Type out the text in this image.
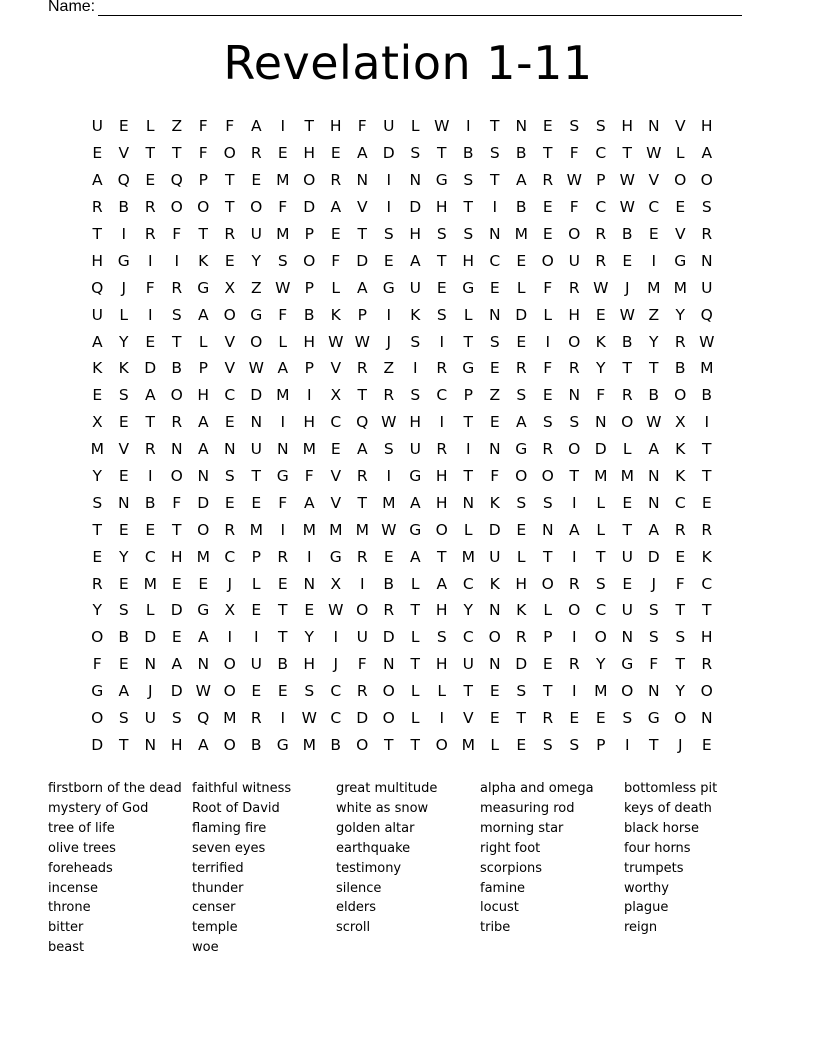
Name:
Revelation 1-11
U	E	L	Z	F	F	A	I	T	H	F	U	L W	I	T	N	E	S	S	H N V H
E	V	T	T	F	O R	E	H	E	A D	S	T	B	S	B	T	F	C	T W L	A
A Q	E	Q	P	T	E M O R N	I	N G	S	T	A	R W P W V O O
R	B	R O O	T	O	F	D A	V	I	D H	T	I	B	E	F	C W C	E	S
T	I	R	F	T	R U M P	E	T	S	H	S	S	N M E	O R	B	E	V	R
H G	I	I	K	E	Y	S O	F	D	E	A	T	H C	E	O U R	E	I	G N
Q	J	F	R G X	Z W P	L	A G U	E	G	E	L	F	R W	J	M M U
U	L	I	S	A O G	F	B	K	P	I	K	S	L	N D	L	H	E W Z	Y	Q
A	Y	E	T	L	V O	L	H W W	J	S	I	T	S	E	I	O K	B	Y	R W
K	K D B	P	V W A	P	V	R	Z	I	R G	E	R	F	R	Y	T	T	B M
E	S	A O H C D M	I	X	T	R	S	C	P	Z	S	E	N	F	R	B O B
X	E	T	R	A	E	N	I	H C Q W H	I	T	E	A	S	S	N O W X	I
M V	R N A N U N M E	A	S	U R	I	N G R O D	L	A	K	T
Y	E	I	O N	S	T	G	F	V	R	I	G H	T	F	O O	T M M N	K	T
S	N B	F	D	E	E	F	A	V	T M A H N	K	S	S	I	L	E	N C	E
T	E	E	T	O R M	I	M M M W G O	L	D	E	N A	L	T	A	R	R
E	Y	C H M C	P	R	I	G R	E	A	T M U	L	T	I	T	U D	E	K
R	E M E	E	J	L	E	N X	I	B	L	A	C	K	H O R	S	E	J	F	C
Y	S	L	D G X	E	T	E W O R	T	H	Y	N	K	L	O C U	S	T	T
O B D	E	A	I	I	T	Y	I	U D	L	S	C O R	P	I	O N	S	S	H
F	E	N A N O U	B H	J	F	N	T	H U N D	E	R	Y	G	F	T	R
G A	J	D W O	E	E	S	C	R O	L	L	T	E	S	T	I	M O N	Y	O
O S	U	S Q M R	I	W C D O	L	I	V	E	T	R	E	E	S	G O N
D	T	N H A O B G M B O	T	T	O M L	E	S	S	P	I	T	J	E
firstborn of the dead
mystery of God
tree of life
olive trees
foreheads
incense
throne
bitter
beast
faithful witness
Root of David
flaming fire
seven eyes
terrified
thunder
censer
temple
woe
great multitude
white as snow
golden altar
earthquake
testimony
silence
elders
scroll
alpha and omega
measuring rod
morning star
right foot
scorpions
famine
locust
tribe
bottomless pit
keys of death
black horse
four horns
trumpets
worthy
plague
reign
